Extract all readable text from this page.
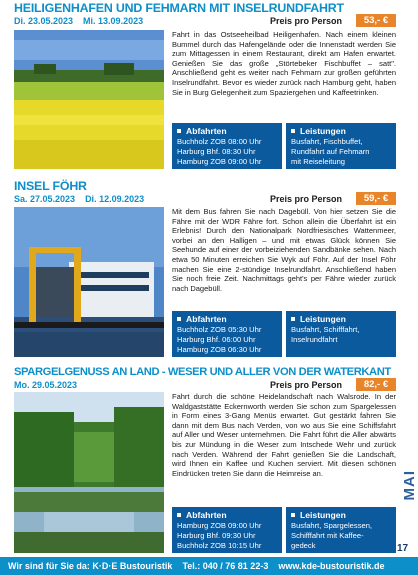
HEILIGENHAFEN UND FEHMARN MIT INSELRUNDFAHRT
Di. 23.05.2023 Mi. 13.09.2023	Preis pro Person	53,- €
Fahrt in das Ostseeheilbad Heiligenhafen. Nach einem kleinen Bummel durch das Hafengelände oder die Innenstadt werden Sie zum Mittagessen in einem Restaurant, direkt am Hafen erwartet. Genießen Sie das große „Störtebeker Fischbuffet – satt". Anschließend geht es weiter nach Fehmarn zur großen geführten Inselrundfahrt. Bevor es wieder zurück nach Hamburg geht, haben Sie in Burg Gelegenheit zum Spaziergehen und Kaffeetrinken.
Abfahrten
Buchholz ZOB 08:00 Uhr
Harburg Bhf. 08:30 Uhr
Hamburg ZOB 09:00 Uhr
Leistungen
Busfahrt, Fischbuffet,
Rundfahrt auf Fehmarn
mit Reiseleitung
INSEL FÖHR
Sa. 27.05.2023 Di. 12.09.2023	Preis pro Person	59,- €
Mit dem Bus fahren Sie nach Dagebüll. Von hier setzen Sie die Fähre mit der WDR Fähre fort. Schon allein die Überfahrt ist ein Erlebnis! Durch den Nationalpark Nordfriesisches Wattenmeer, vorbei an den Halligen – und mit etwas Glück können Sie Seehunde auf einer der vorbeiziehenden Sandbänke sehen. Nach etwa 50 Minuten erreichen Sie Wyk auf Föhr. Auf der Insel Föhr machen Sie eine 2-stündige Inselrundfahrt. Anschließend haben Sie noch freie Zeit. Nachmittags geht's per Fähre wieder zurück nach Dagebüll.
Abfahrten
Buchholz ZOB 05:30 Uhr
Harburg Bhf. 06:00 Uhr
Hamburg ZOB 06:30 Uhr
Leistungen
Busfahrt, Schifffahrt,
Inselrundfahrt
SPARGELGENUSS AN LAND - WESER UND ALLER VON DER WATERKANT
Mo. 29.05.2023	Preis pro Person	82,- €
Fahrt durch die schöne Heidelandschaft nach Walsrode. In der Waldgaststätte Eckernworth werden Sie schon zum Spargelessen in Form eines 3-Gang Menüs erwartet. Gut gestärkt fahren Sie dann mit dem Bus nach Verden, von wo aus Sie eine Schiffsfahrt auf Aller und Weser unternehmen. Die Fahrt führt die Aller abwärts bis zur Mündung in die Weser zum Intschede Wehr und zurück nach Verden. Während der Fahrt genießen Sie die Landschaft, wird Ihnen ein Kaffee und Kuchen serviert. Mit diesen schönen Eindrücken treten Sie dann die Heimreise an.
Abfahrten
Hamburg ZOB 09:00 Uhr
Harburg Bhf. 09:30 Uhr
Buchholz ZOB 10:15 Uhr
Leistungen
Busfahrt, Spargelessen,
Schifffahrt mit Kaffee-
gedeck
MAI
17
Wir sind für Sie da: K·D·E Bustouristik Tel.: 040 / 76 81 22-3 www.kde-bustouristik.de
